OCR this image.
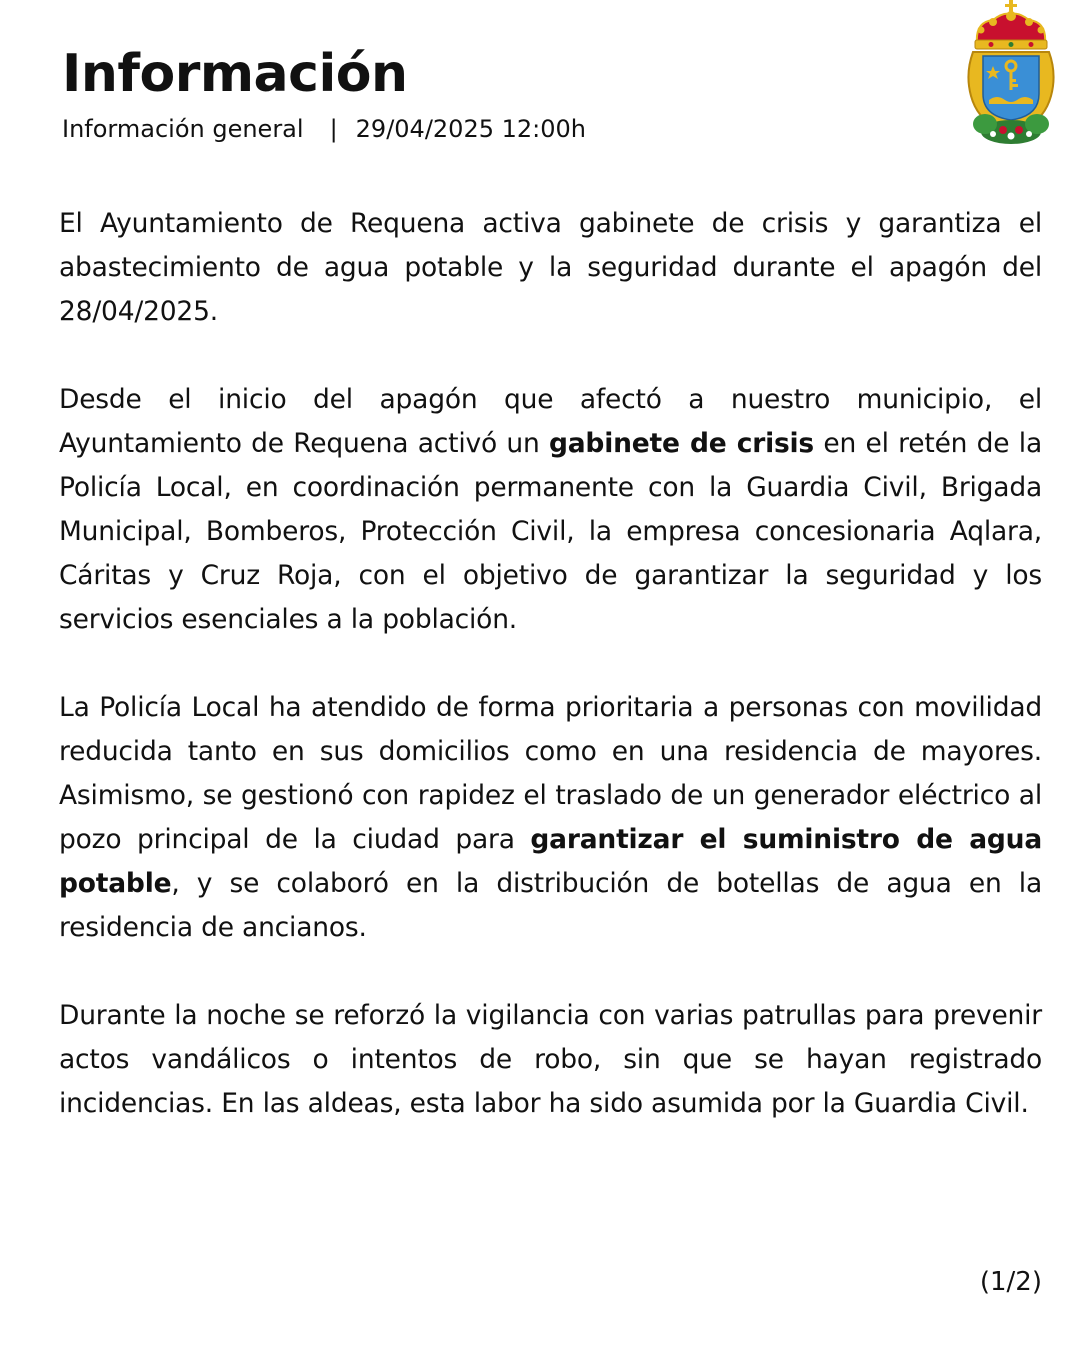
Información
Información general | 29/04/2025 12:00h

El Ayuntamiento de Requena activa gabinete de crisis y garantiza el abastecimiento de agua potable y la seguridad durante el apagón del 28/04/2025.

Desde el inicio del apagón que afectó a nuestro municipio, el Ayuntamiento de Requena activó un gabinete de crisis en el retén de la Policía Local, en coordinación permanente con la Guardia Civil, Brigada Municipal, Bomberos, Protección Civil, la empresa concesionaria Aqlara, Cáritas y Cruz Roja, con el objetivo de garantizar la seguridad y los servicios esenciales a la población.

La Policía Local ha atendido de forma prioritaria a personas con movilidad reducida tanto en sus domicilios como en una residencia de mayores. Asimismo, se gestionó con rapidez el traslado de un generador eléctrico al pozo principal de la ciudad para garantizar el suministro de agua potable, y se colaboró en la distribución de botellas de agua en la residencia de ancianos.

Durante la noche se reforzó la vigilancia con varias patrullas para prevenir actos vandálicos o intentos de robo, sin que se hayan registrado incidencias. En las aldeas, esta labor ha sido asumida por la Guardia Civil.

(1/2)
